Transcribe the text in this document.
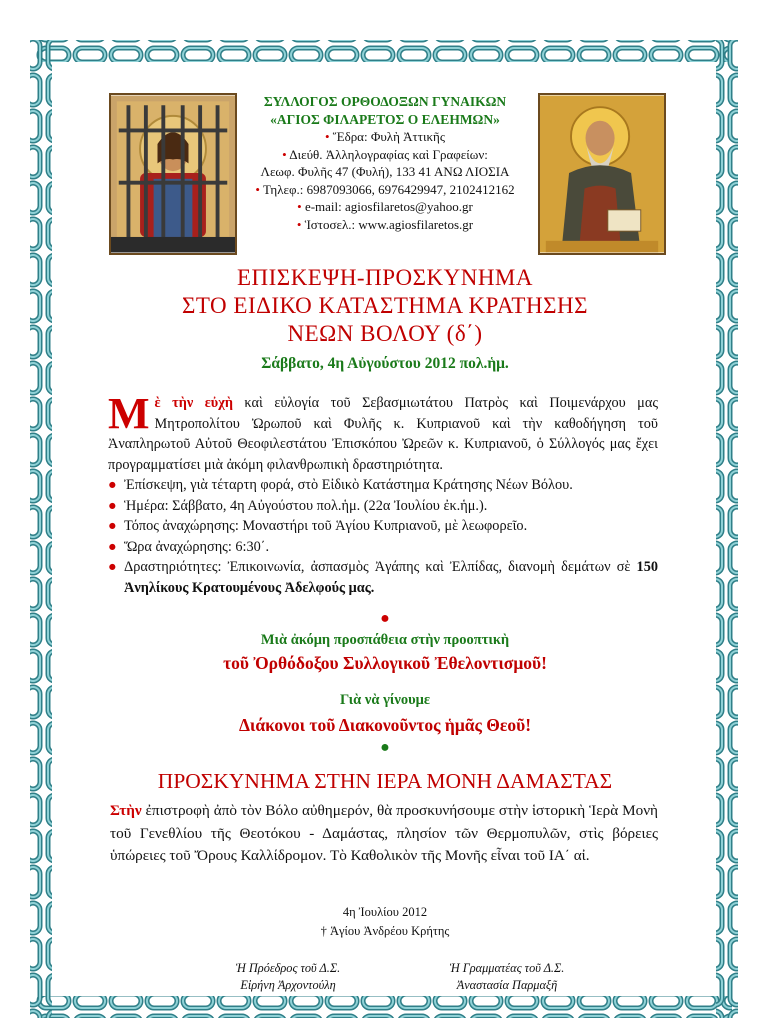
ΣΥΛΛΟΓΟΣ ΟΡΘΟΔΟΞΩΝ ΓΥΝΑΙΚΩΝ
«ΑΓΙΟΣ ΦΙΛΑΡΕΤΟΣ Ο ΕΛΕΗΜΩΝ»
• Ἕδρα: Φυλὴ Ἀττικῆς
• Διεύθ. Ἀλληλογραφίας καὶ Γραφείων:
Λεωφ. Φυλῆς 47 (Φυλή), 133 41 ΑΝΩ ΛΙΟΣΙΑ
• Τηλεφ.: 6987093066, 6976429947, 2102412162
• e-mail: agiosfilaretos@yahoo.gr
• Ἱστοσελ.: www.agiosfilaretos.gr
ΕΠΙΣΚΕΨΗ-ΠΡΟΣΚΥΝΗΜΑ
ΣΤΟ ΕΙΔΙΚΟ ΚΑΤΑΣΤΗΜΑ ΚΡΑΤΗΣΗΣ
ΝΕΩΝ ΒΟΛΟΥ (δ΄)
Σάββατο, 4η Αὐγούστου 2012 πολ.ἡμ.
Μὲ τὴν εὐχὴ καὶ εὐλογία τοῦ Σεβασμιωτάτου Πατρὸς καὶ Ποιμενάρχου μας Μητροπολίτου Ὠρωποῦ καὶ Φυλῆς κ. Κυπριανοῦ καὶ τὴν καθοδήγηση τοῦ Ἀναπληρωτοῦ Αὐτοῦ Θεοφιλεστάτου Ἐπισκόπου Ὠρεῶν κ. Κυπριανοῦ, ὁ Σύλλογός μας ἔχει προγραμματίσει μιὰ ἀκόμη φιλανθρωπικὴ δραστηριότητα.
● Ἐπίσκεψη, γιὰ τέταρτη φορά, στὸ Εἰδικὸ Κατάστημα Κράτησης Νέων Βόλου.
● Ἡμέρα: Σάββατο, 4η Αὐγούστου πολ.ἡμ. (22α Ἰουλίου ἐκ.ἡμ.).
● Τόπος ἀναχώρησης: Μοναστήρι τοῦ Ἁγίου Κυπριανοῦ, μὲ λεωφορεῖο.
● Ὥρα ἀναχώρησης: 6:30΄.
● Δραστηριότητες: Ἐπικοινωνία, ἀσπασμὸς Ἀγάπης καὶ Ἐλπίδας, διανομὴ δεμάτων σὲ 150 Ἀνηλίκους Κρατουμένους Ἀδελφούς μας.
●
Μιὰ ἀκόμη προσπάθεια στὴν προοπτικὴ
τοῦ Ὀρθόδοξου Συλλογικοῦ Ἐθελοντισμοῦ!
Γιὰ νὰ γίνουμε
Διάκονοι τοῦ Διακονοῦντος ἡμᾶς Θεοῦ!
●
ΠΡΟΣΚΥΝΗΜΑ ΣΤΗΝ ΙΕΡΑ ΜΟΝΗ ΔΑΜΑΣΤΑΣ
Στὴν ἐπιστροφὴ ἀπὸ τὸν Βόλο αὐθημερόν, θὰ προσκυνήσουμε στὴν ἱστορικὴ Ἱερὰ Μονὴ τοῦ Γενεθλίου τῆς Θεοτόκου - Δαμάστας, πλησίον τῶν Θερμοπυλῶν, στὶς βόρειες ὑπώρειες τοῦ Ὄρους Καλλίδρομον. Τὸ Καθολικὸν τῆς Μονῆς εἶναι τοῦ ΙΑ΄ αἰ.
4η Ἰουλίου 2012
† Ἁγίου Ἀνδρέου Κρήτης
Ἡ Πρόεδρος τοῦ Δ.Σ.
Εἰρήνη Ἀρχοντούλη
Ἡ Γραμματέας τοῦ Δ.Σ.
Ἀναστασία Παρμαξῆ
